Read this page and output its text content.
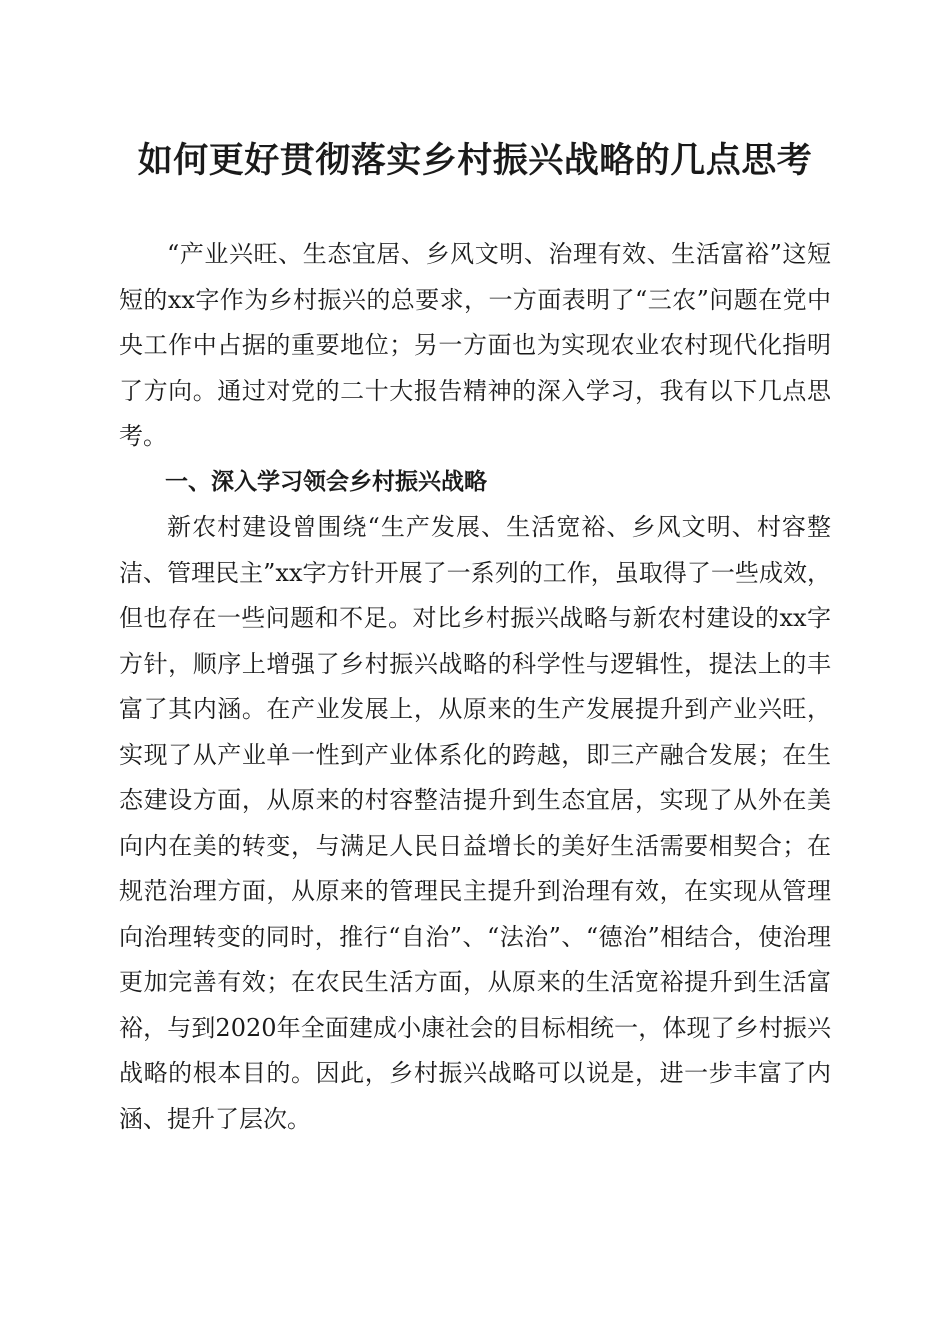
如何更好贯彻落实乡村振兴战略的几点思考

“产业兴旺、生态宜居、乡风文明、治理有效、生活富裕”这短短的xx字作为乡村振兴的总要求，一方面表明了“三农”问题在党中央工作中占据的重要地位；另一方面也为实现农业农村现代化指明了方向。通过对党的二十大报告精神的深入学习，我有以下几点思考。

一、深入学习领会乡村振兴战略

新农村建设曾围绕“生产发展、生活宽裕、乡风文明、村容整洁、管理民主”xx字方针开展了一系列的工作，虽取得了一些成效，但也存在一些问题和不足。对比乡村振兴战略与新农村建设的xx字方针，顺序上增强了乡村振兴战略的科学性与逻辑性，提法上的丰富了其内涵。在产业发展上，从原来的生产发展提升到产业兴旺，实现了从产业单一性到产业体系化的跨越，即三产融合发展；在生态建设方面，从原来的村容整洁提升到生态宜居，实现了从外在美向内在美的转变，与满足人民日益增长的美好生活需要相契合；在规范治理方面，从原来的管理民主提升到治理有效，在实现从管理向治理转变的同时，推行“自治”、“法治”、“德治”相结合，使治理更加完善有效；在农民生活方面，从原来的生活宽裕提升到生活富裕，与到2020年全面建成小康社会的目标相统一，体现了乡村振兴战略的根本目的。因此，乡村振兴战略可以说是，进一步丰富了内涵、提升了层次。
